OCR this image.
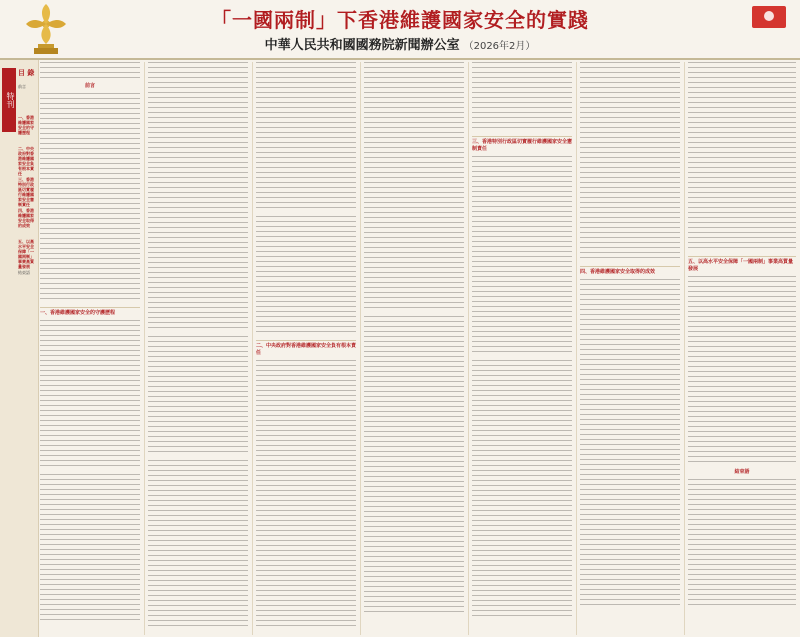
「一國兩制」下香港維護國家安全的實踐
中華人民共和國國務院新聞辦公室 （2026年2月）
特刊
目 錄
前言
一、香港維護國家安全的守護歷程
二、中央政府對香港維護國家安全負有根本責任
三、香港特別行政區切實履行維護國家安全憲制責任
四、香港維護國家安全取得的成效
五、以高水平安全保障「一國兩制」事業高質量發展
結束語
前言
一、香港維護國家安全的守護歷程
二、中央政府對香港維護國家安全負有根本責任
三、香港特別行政區切實履行維護國家安全憲制責任
四、香港維護國家安全取得的成效
五、以高水平安全保障「一國兩制」事業高質量發展
結束語
